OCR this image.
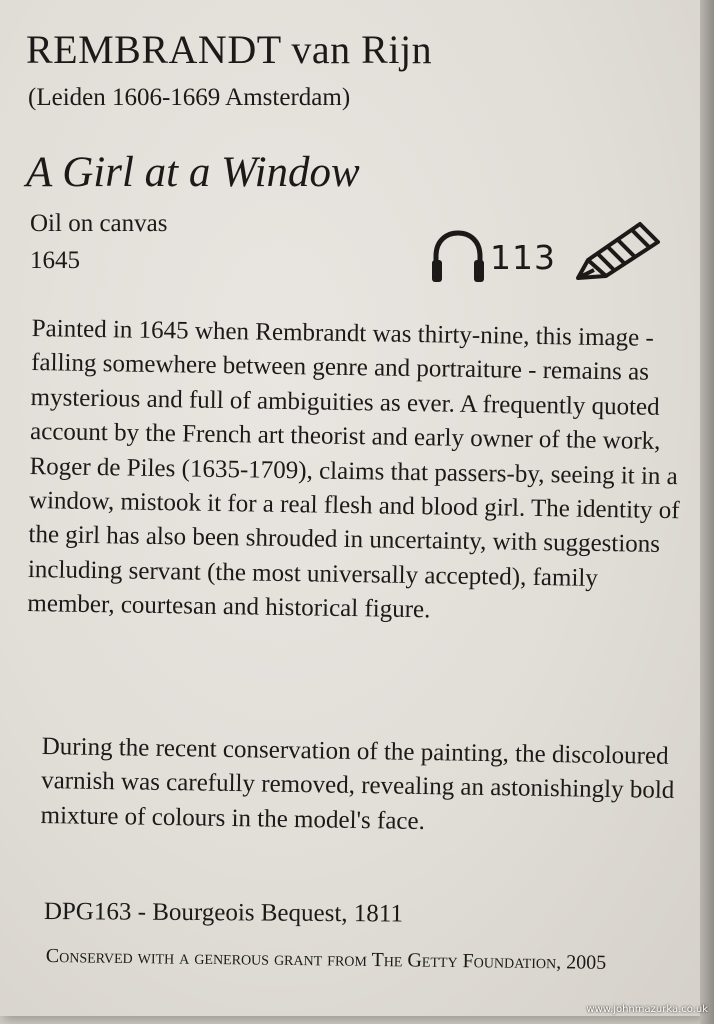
REMBRANDT van Rijn
(Leiden 1606-1669 Amsterdam)
A Girl at a Window
Oil on canvas
1645	113
Painted in 1645 when Rembrandt was thirty-nine, this image - falling somewhere between genre and portraiture - remains as mysterious and full of ambiguities as ever. A frequently quoted account by the French art theorist and early owner of the work, Roger de Piles (1635-1709), claims that passers-by, seeing it in a window, mistook it for a real flesh and blood girl. The identity of the girl has also been shrouded in uncertainty, with suggestions including servant (the most universally accepted), family member, courtesan and historical figure.
During the recent conservation of the painting, the discoloured varnish was carefully removed, revealing an astonishingly bold mixture of colours in the model's face.
DPG163 - Bourgeois Bequest, 1811
Conserved with a generous grant from The Getty Foundation, 2005
www.johnmazurka.co.uk
